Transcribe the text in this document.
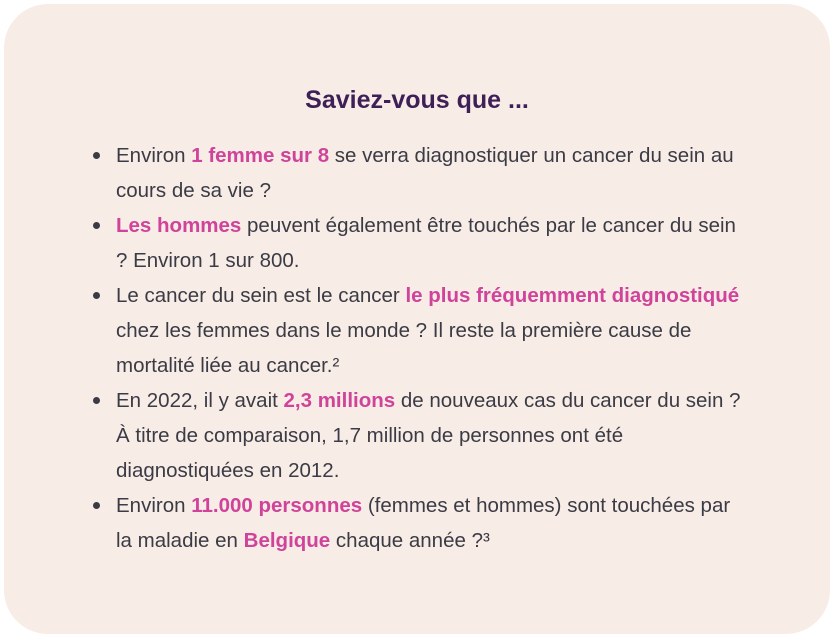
Saviez-vous que ...
Environ 1 femme sur 8 se verra diagnostiquer un cancer du sein au cours de sa vie ?
Les hommes peuvent également être touchés par le cancer du sein ? Environ 1 sur 800.
Le cancer du sein est le cancer le plus fréquemment diagnostiqué chez les femmes dans le monde ? Il reste la première cause de mortalité liée au cancer.²
En 2022, il y avait 2,3 millions de nouveaux cas du cancer du sein ? À titre de comparaison, 1,7 million de personnes ont été diagnostiquées en 2012.
Environ 11.000 personnes (femmes et hommes) sont touchées par la maladie en Belgique chaque année ?³
